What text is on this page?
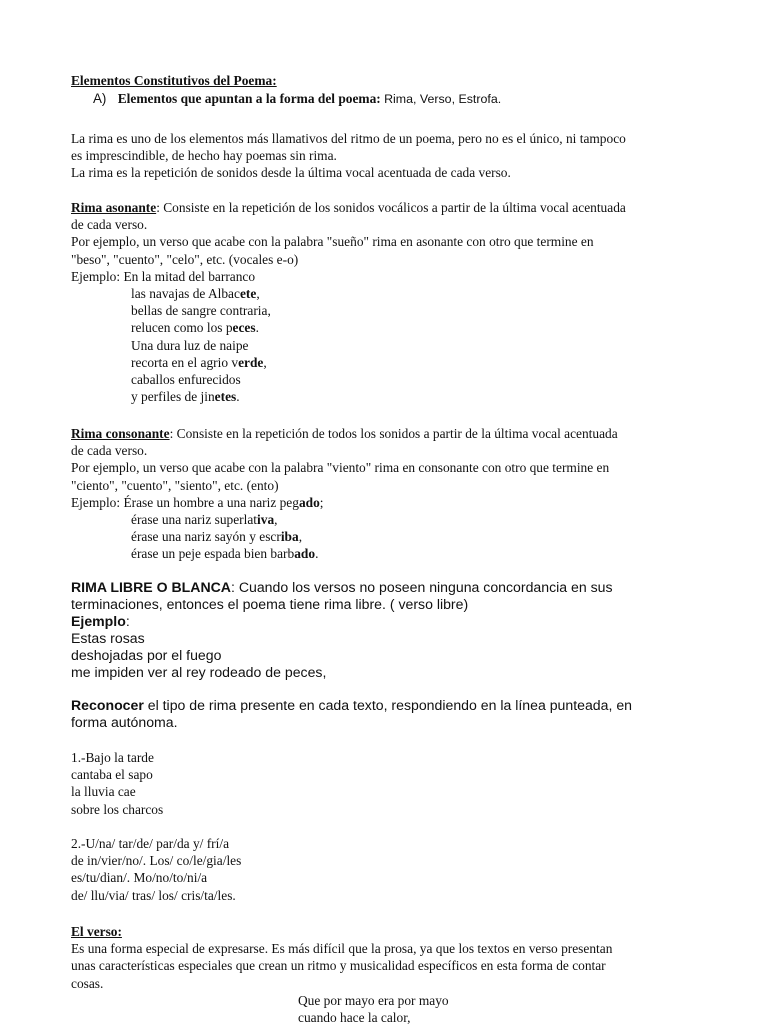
Elementos Constitutivos del Poema:
A) Elementos que apuntan a la forma del poema: Rima, Verso, Estrofa.
La rima es uno de los elementos más llamativos del ritmo de un poema, pero no es el único, ni tampoco
es imprescindible, de hecho hay poemas sin rima.
La rima es la repetición de sonidos desde la última vocal acentuada de cada verso.
Rima asonante: Consiste en la repetición de los sonidos vocálicos a partir de la última vocal acentuada
de cada verso.
Por ejemplo, un verso que acabe con la palabra "sueño" rima en asonante con otro que termine en
"beso", "cuento", "celo", etc. (vocales e-o)
Ejemplo: En la mitad del barranco
las navajas de Albacete,
bellas de sangre contraria,
relucen como los peces.
Una dura luz de naipe
recorta en el agrio verde,
caballos enfurecidos
y perfiles de jinetes.
Rima consonante: Consiste en la repetición de todos los sonidos a partir de la última vocal acentuada
de cada verso.
Por ejemplo, un verso que acabe con la palabra "viento" rima en consonante con otro que termine en
"ciento", "cuento", "siento", etc. (ento)
Ejemplo: Érase un hombre a una nariz pegado;
érase una nariz superlativa,
érase una nariz sayón y escriba,
érase un peje espada bien barbado.
RIMA LIBRE O BLANCA: Cuando los versos no poseen ninguna concordancia en sus
terminaciones, entonces el poema tiene rima libre. ( verso libre)
Ejemplo:
Estas rosas
deshojadas por el fuego
me impiden ver al rey rodeado de peces,
Reconocer el tipo de rima presente en cada texto, respondiendo en la línea punteada, en
forma autónoma.
1.-Bajo la tarde
cantaba el sapo
la lluvia cae
sobre los charcos
2.-U/na/ tar/de/ par/da y/ frí/a
de in/vier/no/. Los/ co/le/gia/les
es/tu/dian/. Mo/no/to/ni/a
de/ llu/via/ tras/ los/ cris/ta/les.
El verso:
Es una forma especial de expresarse. Es más difícil que la prosa, ya que los textos en verso presentan
unas características especiales que crean un ritmo y musicalidad específicos en esta forma de contar
cosas.
Que por mayo era por mayo
cuando hace la calor,
